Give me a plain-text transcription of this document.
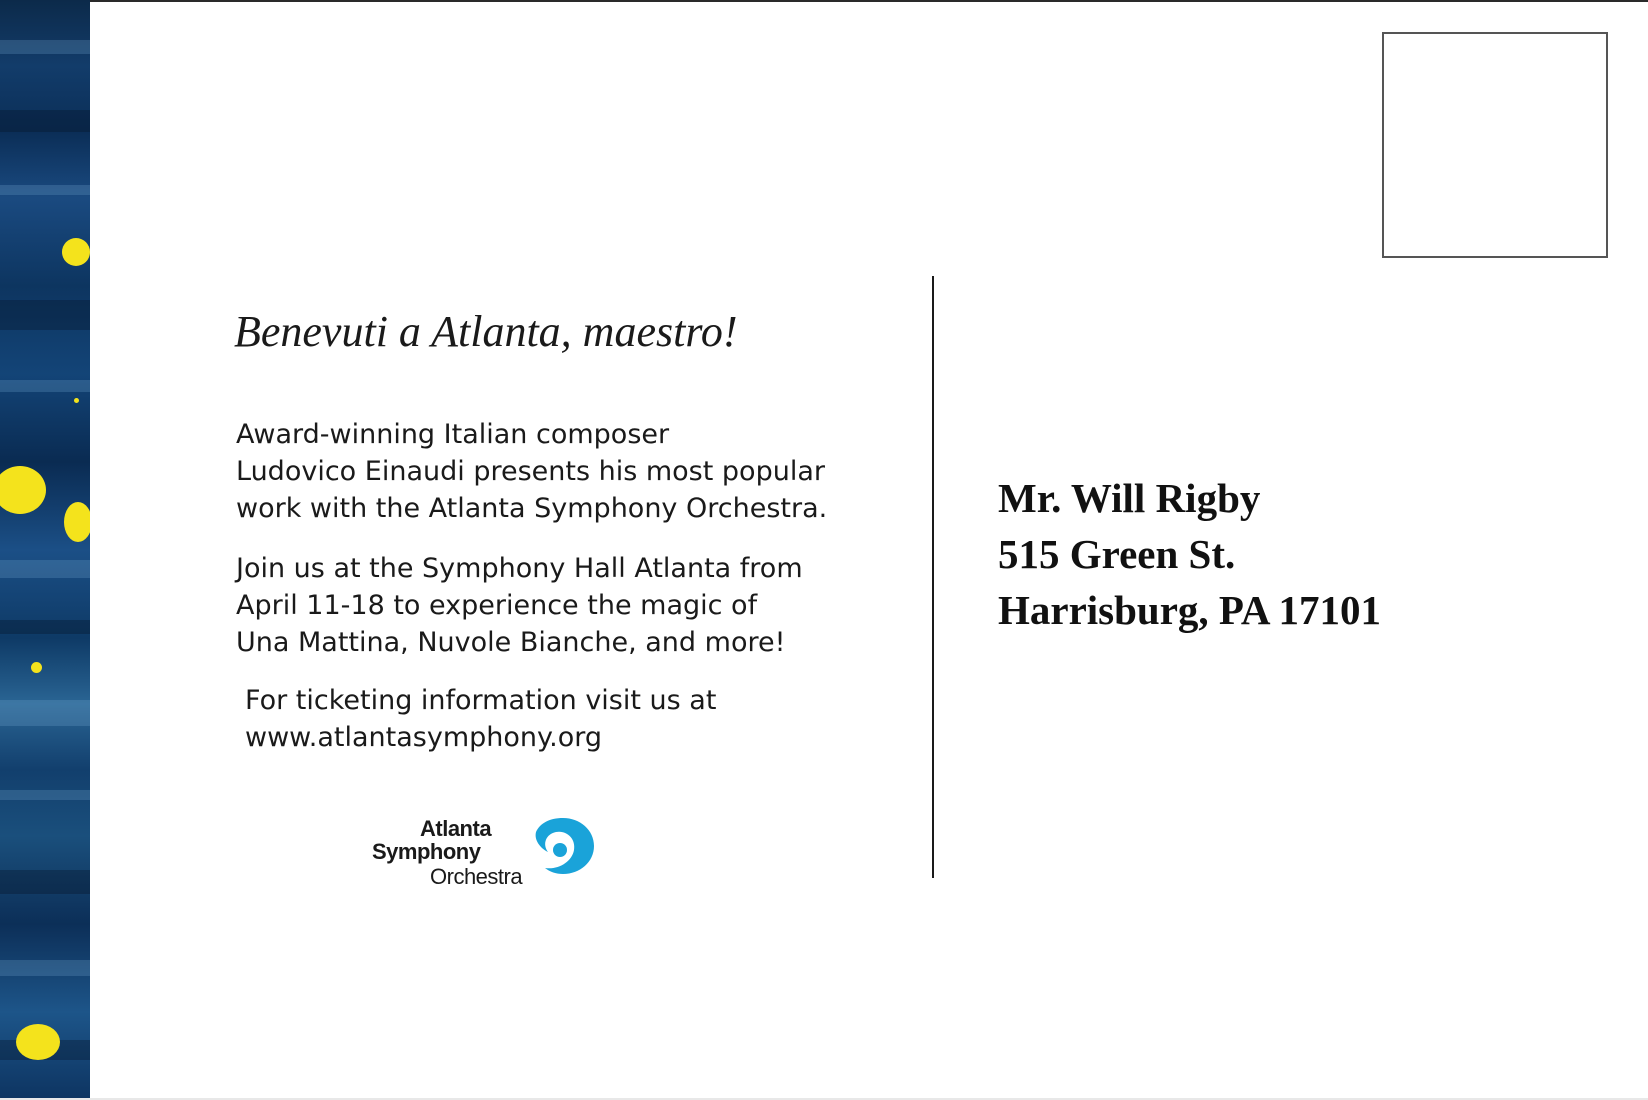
Benevuti a Atlanta, maestro!

Award-winning Italian composer
Ludovico Einaudi presents his most popular
work with the Atlanta Symphony Orchestra.

Join us at the Symphony Hall Atlanta from
April 11-18 to experience the magic of
Una Mattina, Nuvole Bianche, and more!

For ticketing information visit us at
www.atlantasymphony.org

Atlanta
Symphony
Orchestra
Mr. Will Rigby
515 Green St.
Harrisburg, PA 17101
